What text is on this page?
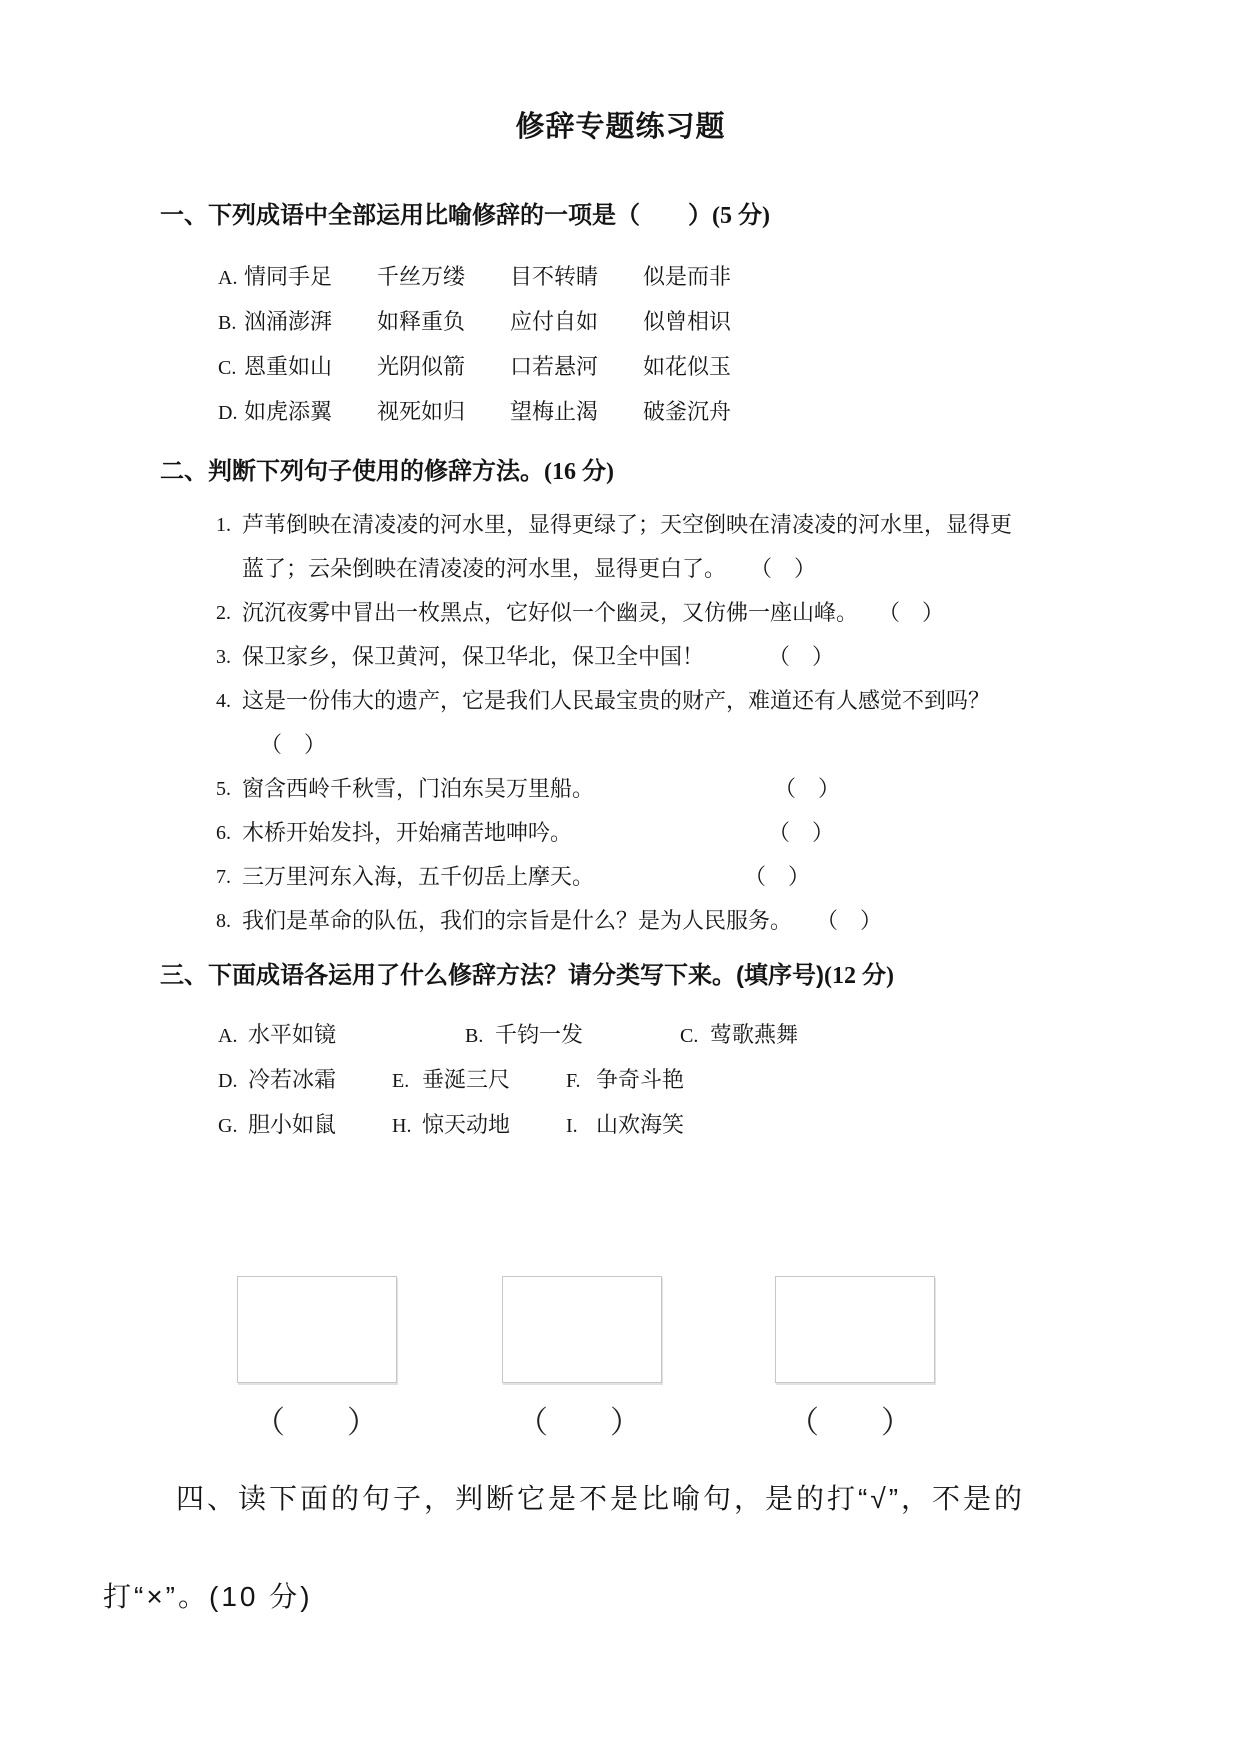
修辞专题练习题
一、下列成语中全部运用比喻修辞的一项是（　　）(5 分)
A. 情同手足	千丝万缕	目不转睛	似是而非
B. 汹涌澎湃	如释重负	应付自如	似曾相识
C. 恩重如山	光阴似箭	口若悬河	如花似玉
D. 如虎添翼	视死如归	望梅止渴	破釜沉舟
二、判断下列句子使用的修辞方法。(16 分)
1. 芦苇倒映在清凌凌的河水里，显得更绿了；天空倒映在清凌凌的河水里，显得更
蓝了；云朵倒映在清凌凌的河水里，显得更白了。 （　）
2. 沉沉夜雾中冒出一枚黑点，它好似一个幽灵，又仿佛一座山峰。 （　）
3. 保卫家乡，保卫黄河，保卫华北，保卫全中国！	（　）
4. 这是一份伟大的遗产，它是我们人民最宝贵的财产，难道还有人感觉不到吗？
（　）
5. 窗含西岭千秋雪，门泊东吴万里船。	（　）
6. 木桥开始发抖，开始痛苦地呻吟。	（　）
7. 三万里河东入海，五千仞岳上摩天。	（　）
8. 我们是革命的队伍，我们的宗旨是什么？是为人民服务。 （　）
三、下面成语各运用了什么修辞方法？请分类写下来。(填序号)(12 分)
A. 水平如镜	B. 千钧一发	C. 莺歌燕舞
D. 冷若冰霜	E. 垂涎三尺	F. 争奇斗艳
G. 胆小如鼠	H. 惊天动地	I. 山欢海笑
（　　）	（　　）	（　　）
四、读下面的句子，判断它是不是比喻句，是的打“√”，不是的
打“×”。(10 分)
